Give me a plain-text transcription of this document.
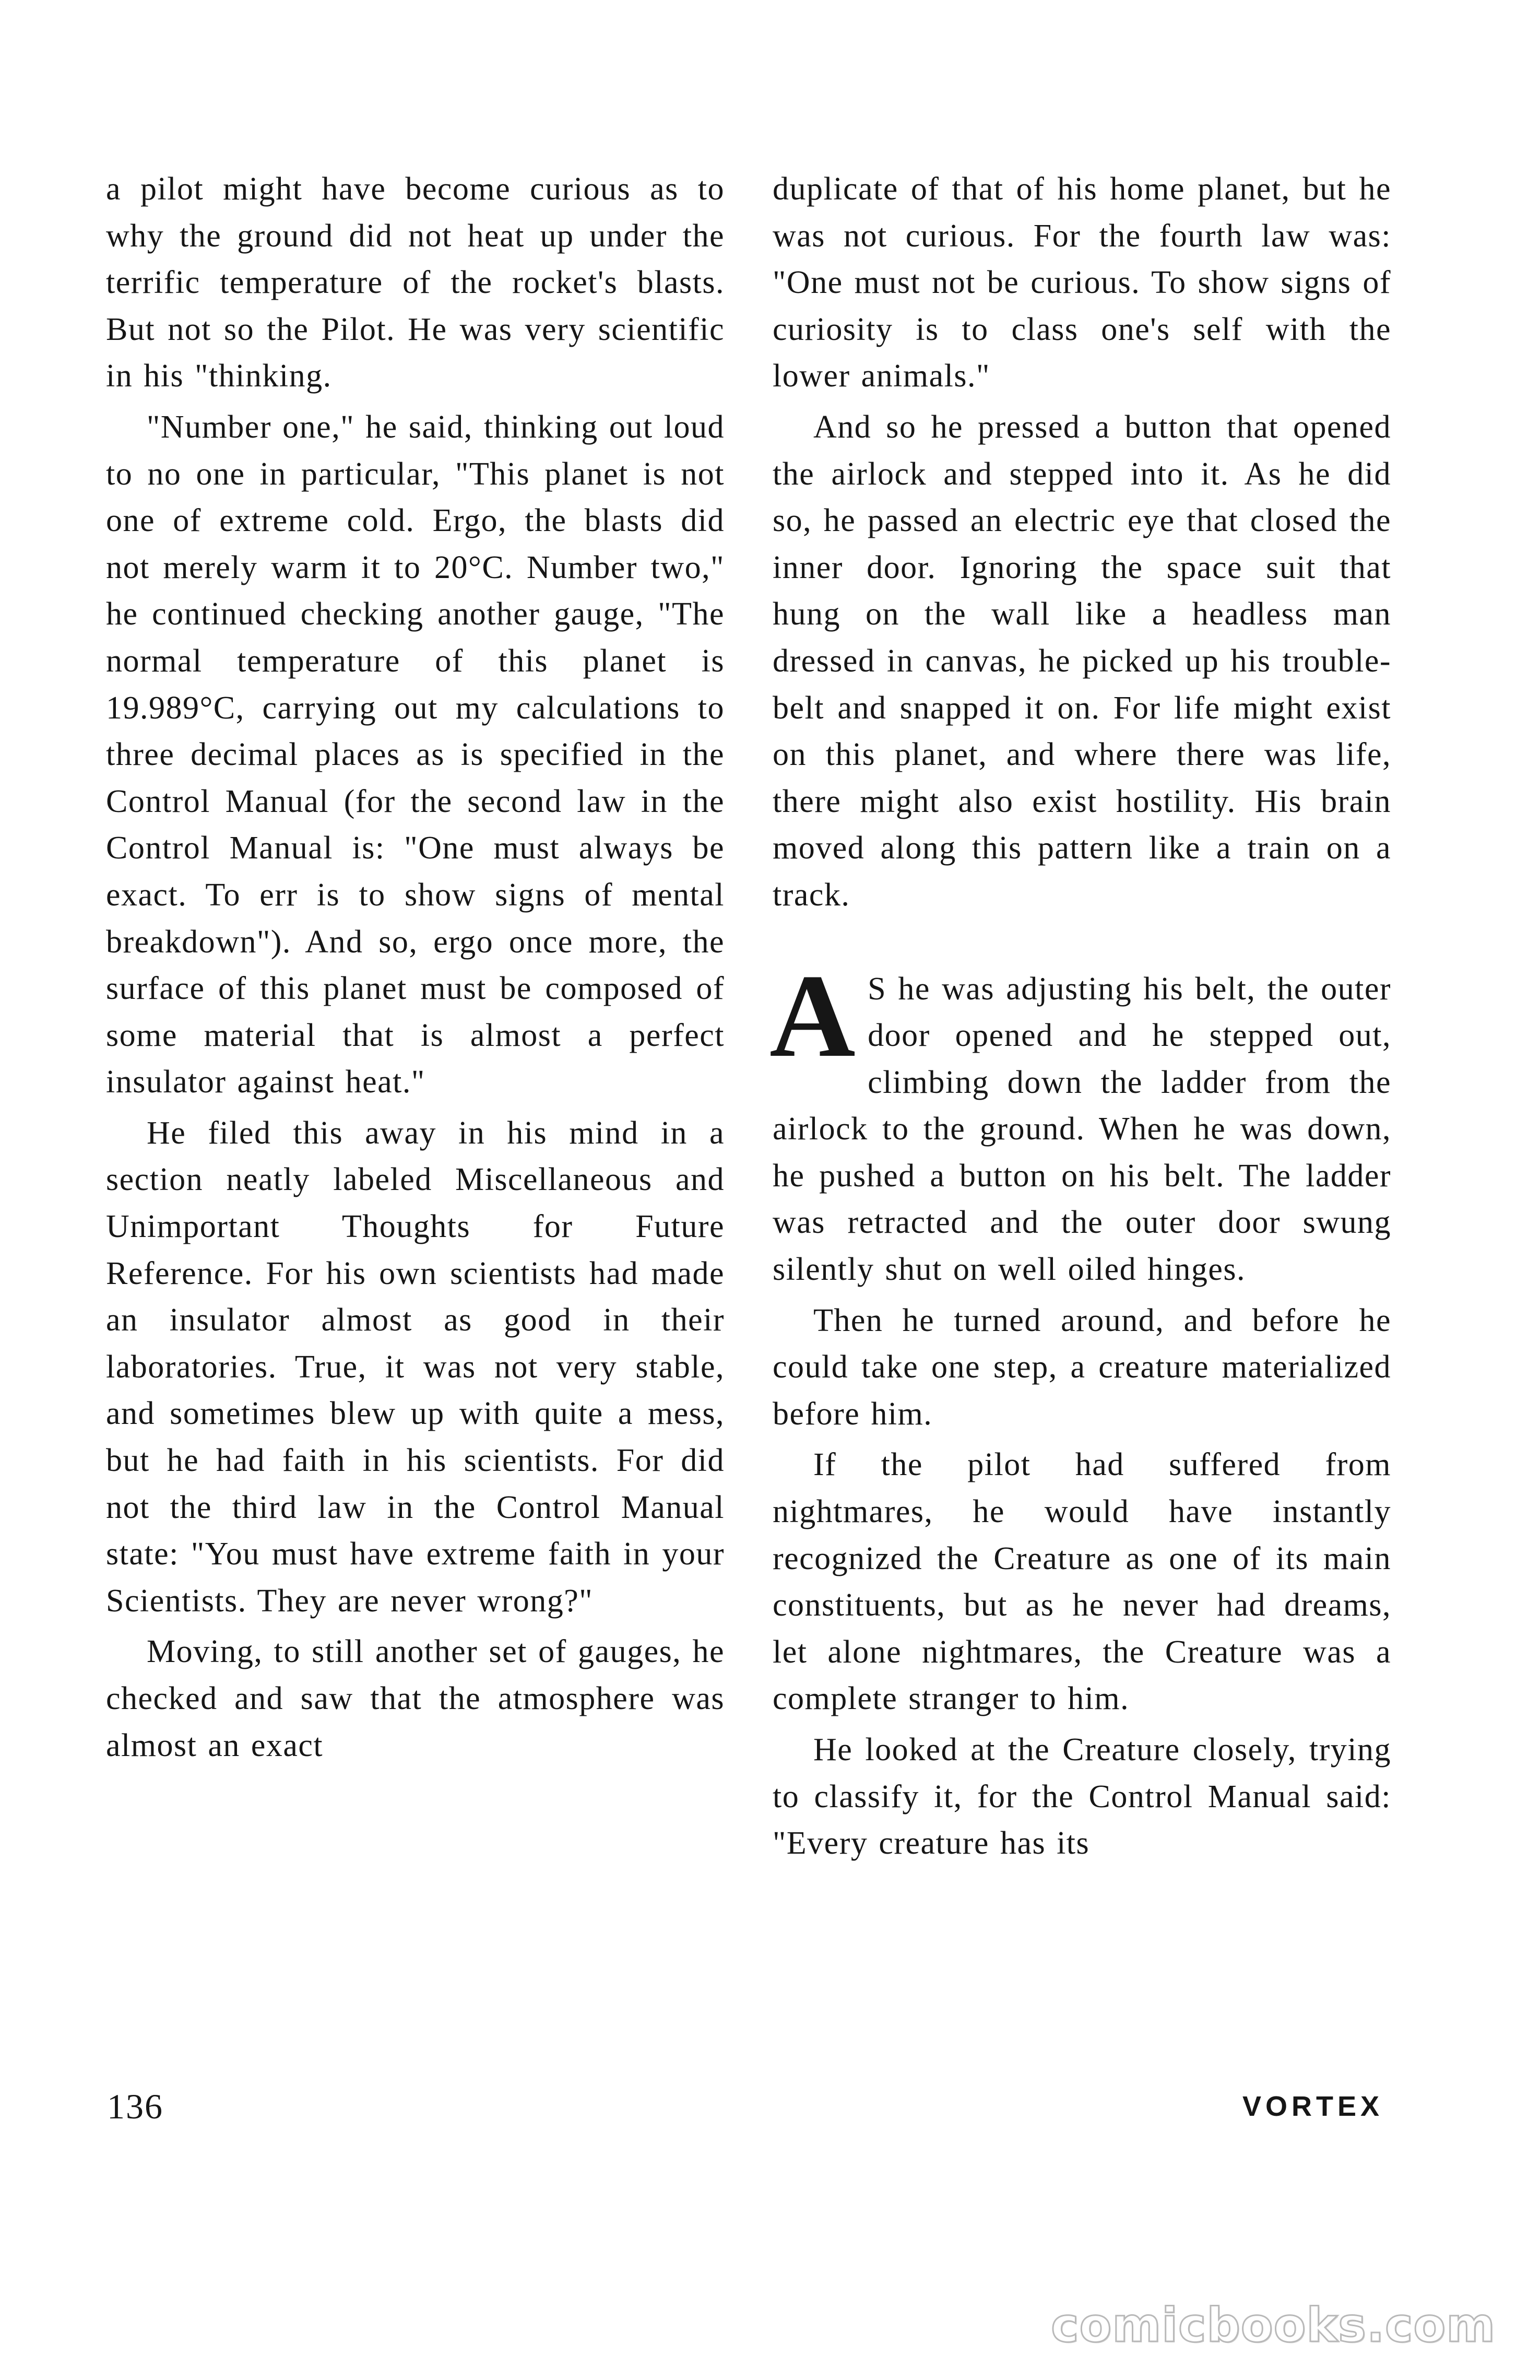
a pilot might have become curious as to why the ground did not heat up under the terrific temperature of the rocket's blasts. But not so the Pilot. He was very scientific in his "thinking.

"Number one," he said, thinking out loud to no one in particular, "This planet is not one of extreme cold. Ergo, the blasts did not merely warm it to 20°C. Number two," he continued checking another gauge, "The normal temperature of this planet is 19.989°C, carrying out my calculations to three decimal places as is specified in the Control Manual (for the second law in the Control Manual is: "One must always be exact. To err is to show signs of mental breakdown"). And so, ergo once more, the surface of this planet must be composed of some material that is almost a perfect insulator against heat."

He filed this away in his mind in a section neatly labeled Miscellaneous and Unimportant Thoughts for Future Reference. For his own scientists had made an insulator almost as good in their laboratories. True, it was not very stable, and sometimes blew up with quite a mess, but he had faith in his scientists. For did not the third law in the Control Manual state: "You must have extreme faith in your Scientists. They are never wrong?"

Moving, to still another set of gauges, he checked and saw that the atmosphere was almost an exact

duplicate of that of his home planet, but he was not curious. For the fourth law was: "One must not be curious. To show signs of curiosity is to class one's self with the lower animals."

And so he pressed a button that opened the airlock and stepped into it. As he did so, he passed an electric eye that closed the inner door. Ignoring the space suit that hung on the wall like a headless man dressed in canvas, he picked up his trouble-belt and snapped it on. For life might exist on this planet, and where there was life, there might also exist hostility. His brain moved along this pattern like a train on a track.

A S he was adjusting his belt, the outer door opened and he stepped out, climbing down the ladder from the airlock to the ground. When he was down, he pushed a button on his belt. The ladder was retracted and the outer door swung silently shut on well oiled hinges.

Then he turned around, and before he could take one step, a creature materialized before him.

If the pilot had suffered from nightmares, he would have instantly recognized the Creature as one of its main constituents, but as he never had dreams, let alone nightmares, the Creature was a complete stranger to him.

He looked at the Creature closely, trying to classify it, for the Control Manual said: "Every creature has its

136	VORTEX
comicbooks.com
